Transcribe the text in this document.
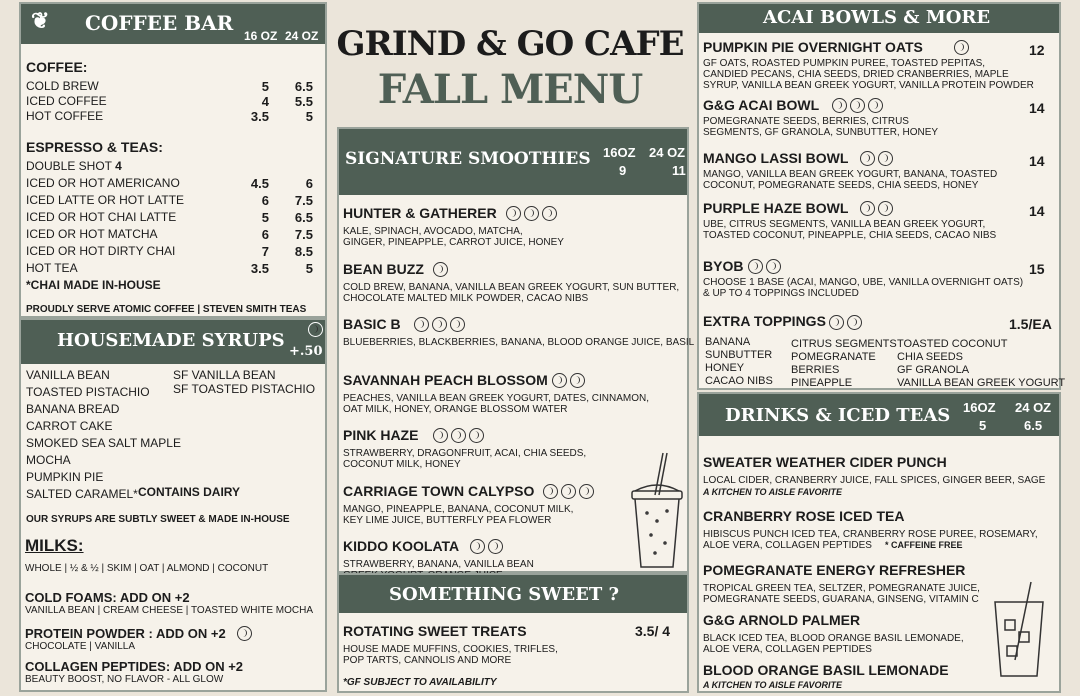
GRIND & GO CAFE
FALL MENU
❦ COFFEE BAR
16 OZ 24 OZ
COFFEE:
COLD BREW	5	6.5
ICED COFFEE	4	5.5
HOT COFFEE	3.5	5
ESPRESSO & TEAS:
DOUBLE SHOT 4
ICED OR HOT AMERICANO	4.5	6
ICED LATTE OR HOT LATTE	6	7.5
ICED OR HOT CHAI LATTE	5	6.5
ICED OR HOT MATCHA	6	7.5
ICED OR HOT DIRTY CHAI	7	8.5
HOT TEA	3.5	5
*CHAI MADE IN-HOUSE
PROUDLY SERVE ATOMIC COFFEE | STEVEN SMITH TEAS
HOUSEMADE SYRUPS
+.50
VANILLA BEAN
TOASTED PISTACHIO
BANANA BREAD
CARROT CAKE
SMOKED SEA SALT MAPLE
MOCHA
PUMPKIN PIE
SALTED CARAMEL* CONTAINS DAIRY
SF VANILLA BEAN
SF TOASTED PISTACHIO
OUR SYRUPS ARE SUBTLY SWEET & MADE IN-HOUSE
MILKS:
WHOLE | ½ & ½ | SKIM | OAT | ALMOND | COCONUT
COLD FOAMS: ADD ON +2
VANILLA BEAN | CREAM CHEESE | TOASTED WHITE MOCHA
PROTEIN POWDER : ADD ON +2
CHOCOLATE | VANILLA
COLLAGEN PEPTIDES: ADD ON +2
BEAUTY BOOST, NO FLAVOR - ALL GLOW
SIGNATURE SMOOTHIES 16OZ 24 OZ
9	11
HUNTER & GATHERER
KALE, SPINACH, AVOCADO, MATCHA,
GINGER, PINEAPPLE, CARROT JUICE, HONEY
BEAN BUZZ
COLD BREW, BANANA, VANILLA BEAN GREEK YOGURT, SUN BUTTER,
CHOCOLATE MALTED MILK POWDER, CACAO NIBS
BASIC B
BLUEBERRIES, BLACKBERRIES, BANANA, BLOOD ORANGE JUICE, BASIL
SAVANNAH PEACH BLOSSOM
PEACHES, VANILLA BEAN GREEK YOGURT, DATES, CINNAMON,
OAT MILK, HONEY, ORANGE BLOSSOM WATER
PINK HAZE
STRAWBERRY, DRAGONFRUIT, ACAI, CHIA SEEDS,
COCONUT MILK, HONEY
CARRIAGE TOWN CALYPSO
MANGO, PINEAPPLE, BANANA, COCONUT MILK,
KEY LIME JUICE, BUTTERFLY PEA FLOWER
KIDDO KOOLATA
STRAWBERRY, BANANA, VANILLA BEAN
SOMETHING SWEET ?
ROTATING SWEET TREATS	3.5/ 4
HOUSE MADE MUFFINS, COOKIES, TRIFLES,
POP TARTS, CANNOLIS AND MORE
*GF SUBJECT TO AVAILABILITY
ACAI BOWLS & MORE
PUMPKIN PIE OVERNIGHT OATS	12
GF OATS, ROASTED PUMPKIN PUREE, TOASTED PEPITAS,
CANDIED PECANS, CHIA SEEDS, DRIED CRANBERRIES, MAPLE
SYRUP, VANILLA BEAN GREEK YOGURT, VANILLA PROTEIN POWDER
G&G ACAI BOWL	14
POMEGRANATE SEEDS, BERRIES, CITRUS
SEGMENTS, GF GRANOLA, SUNBUTTER, HONEY
MANGO LASSI BOWL	14
MANGO, VANILLA BEAN GREEK YOGURT, BANANA, TOASTED
COCONUT, POMEGRANATE SEEDS, CHIA SEEDS, HONEY
PURPLE HAZE BOWL	14
UBE, CITRUS SEGMENTS, VANILLA BEAN GREEK YOGURT,
TOASTED COCONUT, PINEAPPLE, CHIA SEEDS, CACAO NIBS
BYOB	15
CHOOSE 1 BASE (ACAI, MANGO, UBE, VANILLA OVERNIGHT OATS)
& UP TO 4 TOPPINGS INCLUDED
EXTRA TOPPINGS	1.5/EA
BANANA
SUNBUTTER
HONEY
CACAO NIBS
CITRUS SEGMENTS
POMEGRANATE
BERRIES
PINEAPPLE
TOASTED COCONUT
CHIA SEEDS
GF GRANOLA
VANILLA BEAN GREEK YOGURT
DRINKS & ICED TEAS 16OZ 24 OZ
5	6.5
SWEATER WEATHER CIDER PUNCH
LOCAL CIDER, CRANBERRY JUICE, FALL SPICES, GINGER BEER, SAGE
A KITCHEN TO AISLE FAVORITE
CRANBERRY ROSE ICED TEA
HIBISCUS PUNCH ICED TEA, CRANBERRY ROSE PUREE, ROSEMARY,
ALOE VERA, COLLAGEN PEPTIDES * CAFFEINE FREE
POMEGRANATE ENERGY REFRESHER
TROPICAL GREEN TEA, SELTZER, POMEGRANATE JUICE,
POMEGRANATE SEEDS, GUARANA, GINSENG, VITAMIN C
G&G ARNOLD PALMER
BLACK ICED TEA, BLOOD ORANGE BASIL LEMONADE,
ALOE VERA, COLLAGEN PEPTIDES
BLOOD ORANGE BASIL LEMONADE
A KITCHEN TO AISLE FAVORITE
